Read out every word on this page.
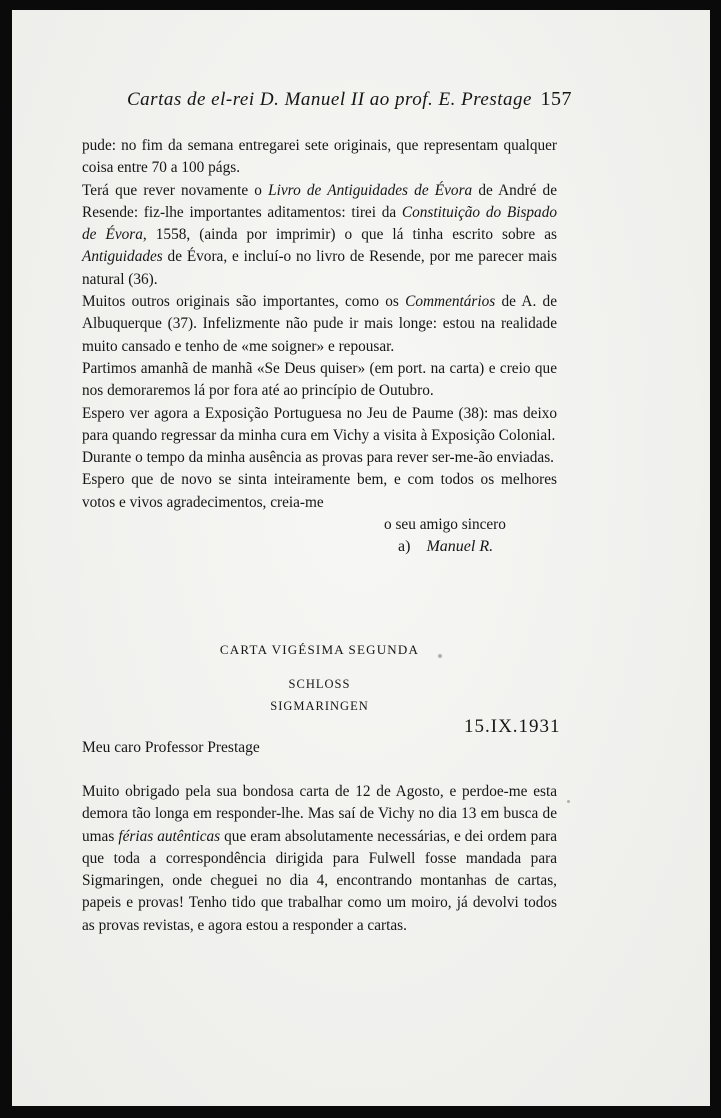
Cartas de el-rei D. Manuel II ao prof. E. Prestage 157

pude: no fim da semana entregarei sete originais, que representam qualquer coisa entre 70 a 100 págs.

Terá que rever novamente o Livro de Antiguidades de Évora de André de Resende: fiz-lhe importantes aditamentos: tirei da Constituição do Bispado de Évora, 1558, (ainda por imprimir) o que lá tinha escrito sobre as Antiguidades de Évora, e incluí-o no livro de Resende, por me parecer mais natural (36).

Muitos outros originais são importantes, como os Commentários de A. de Albuquerque (37). Infelizmente não pude ir mais longe: estou na realidade muito cansado e tenho de «me soigner» e repousar.

Partimos amanhã de manhã «Se Deus quiser» (em port. na carta) e creio que nos demoraremos lá por fora até ao princípio de Outubro.

Espero ver agora a Exposição Portuguesa no Jeu de Paume (38): mas deixo para quando regressar da minha cura em Vichy a visita à Exposição Colonial.

Durante o tempo da minha ausência as provas para rever ser-me-ão enviadas.

Espero que de novo se sinta inteiramente bem, e com todos os melhores votos e vivos agradecimentos, creia-me

o seu amigo sincero

a) Manuel R.

CARTA VIGÉSIMA SEGUNDA
SCHLOSS
SIGMARINGEN
15.IX.1931
Meu caro Professor Prestage

Muito obrigado pela sua bondosa carta de 12 de Agosto, e perdoe-me esta demora tão longa em responder-lhe. Mas saí de Vichy no dia 13 em busca de umas férias autênticas que eram absolutamente necessárias, e dei ordem para que toda a correspondência dirigida para Fulwell fosse mandada para Sigmaringen, onde cheguei no dia 4, encontrando montanhas de cartas, papeis e provas! Tenho tido que trabalhar como um moiro, já devolvi todos as provas revistas, e agora estou a responder a cartas.
